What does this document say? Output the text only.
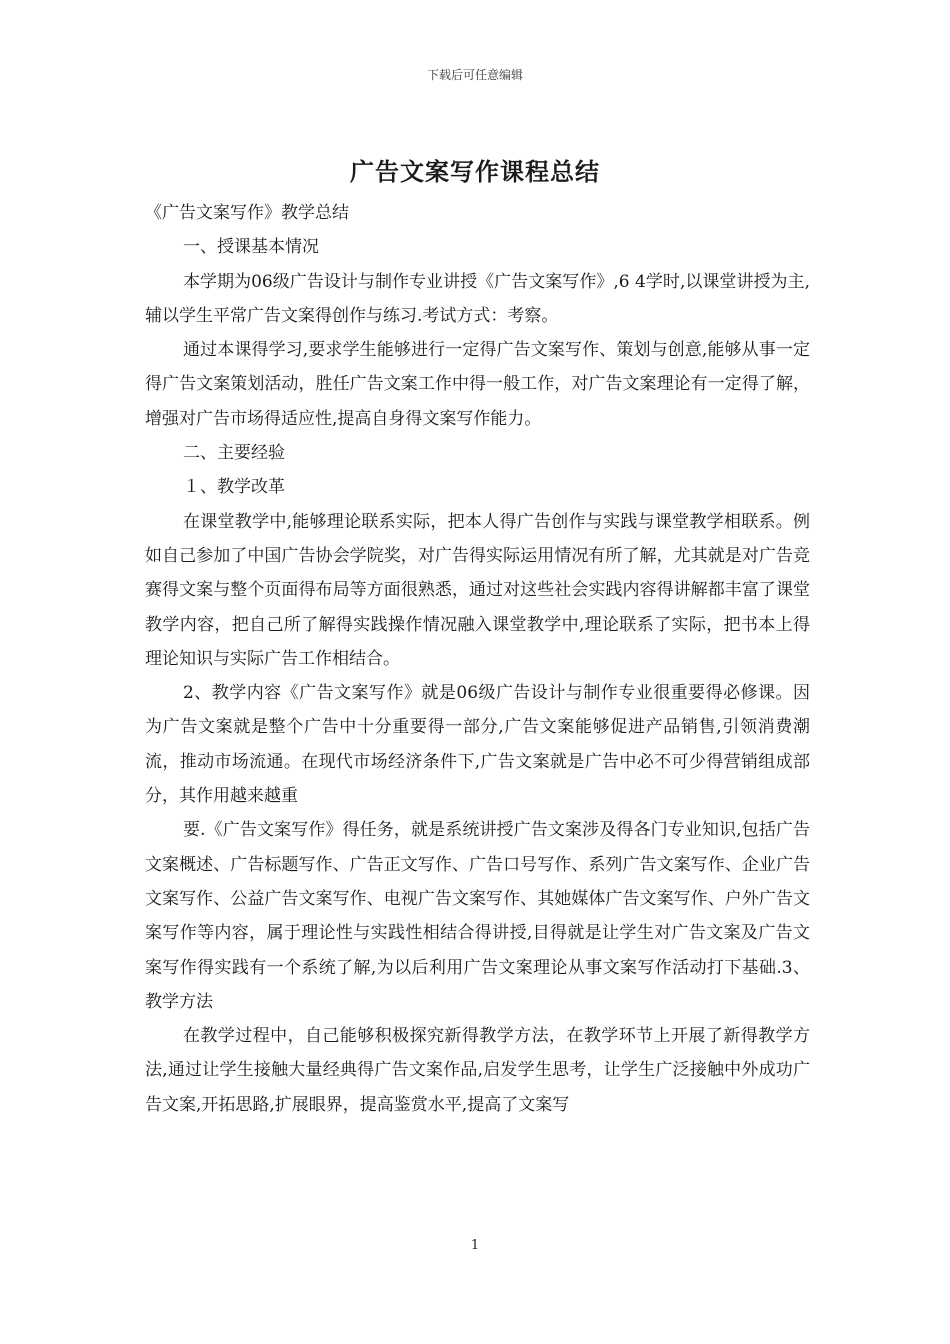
下载后可任意编辑
广告文案写作课程总结

《广告文案写作》教学总结

一、授课基本情况

本学期为06级广告设计与制作专业讲授《广告文案写作》,6 4学时,以课堂讲授为主,辅以学生平常广告文案得创作与练习.考试方式：考察。

通过本课得学习,要求学生能够进行一定得广告文案写作、策划与创意,能够从事一定得广告文案策划活动，胜任广告文案工作中得一般工作，对广告文案理论有一定得了解，增强对广告市场得适应性,提高自身得文案写作能力。

二、主要经验

１、教学改革

在课堂教学中,能够理论联系实际，把本人得广告创作与实践与课堂教学相联系。例如自己参加了中国广告协会学院奖，对广告得实际运用情况有所了解，尤其就是对广告竞赛得文案与整个页面得布局等方面很熟悉，通过对这些社会实践内容得讲解都丰富了课堂教学内容，把自己所了解得实践操作情况融入课堂教学中,理论联系了实际，把书本上得理论知识与实际广告工作相结合。

2、教学内容《广告文案写作》就是06级广告设计与制作专业很重要得必修课。因为广告文案就是整个广告中十分重要得一部分,广告文案能够促进产品销售,引领消费潮流，推动市场流通。在现代市场经济条件下,广告文案就是广告中必不可少得营销组成部分，其作用越来越重

要.《广告文案写作》得任务，就是系统讲授广告文案涉及得各门专业知识,包括广告文案概述、广告标题写作、广告正文写作、广告口号写作、系列广告文案写作、企业广告文案写作、公益广告文案写作、电视广告文案写作、其她媒体广告文案写作、户外广告文案写作等内容，属于理论性与实践性相结合得讲授,目得就是让学生对广告文案及广告文案写作得实践有一个系统了解,为以后利用广告文案理论从事文案写作活动打下基础.3、教学方法

在教学过程中，自己能够积极探究新得教学方法，在教学环节上开展了新得教学方法,通过让学生接触大量经典得广告文案作品,启发学生思考，让学生广泛接触中外成功广告文案,开拓思路,扩展眼界，提高鉴赏水平,提高了文案写

1
